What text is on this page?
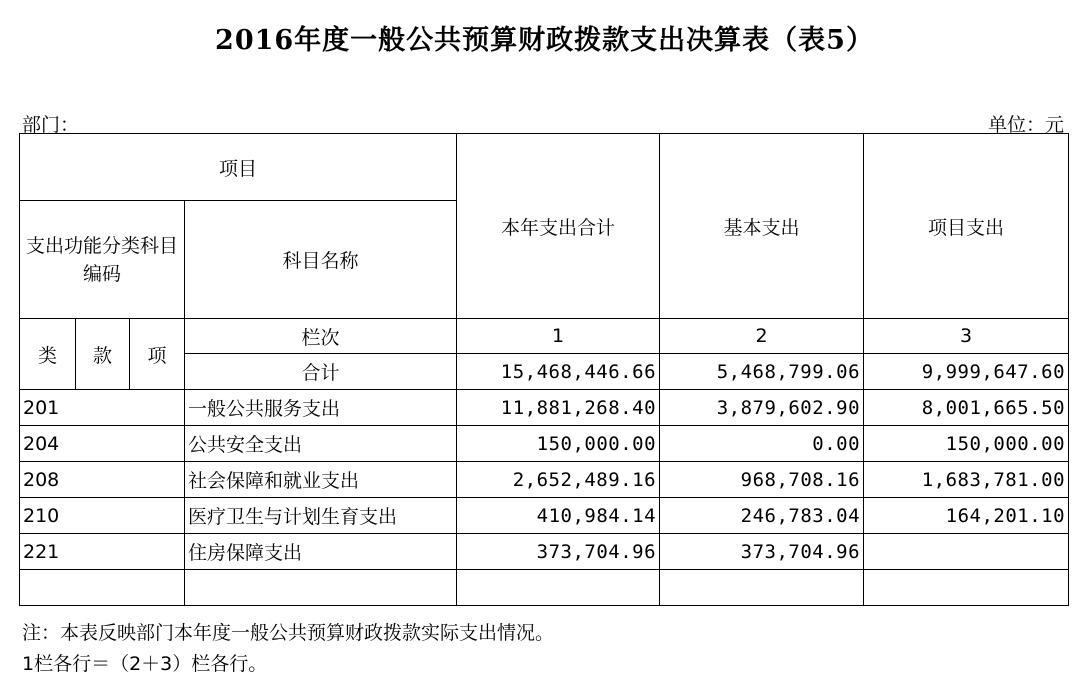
2016年度一般公共预算财政拨款支出决算表（表5）
部门：	单位：元
项目				本年支出合计	基本支出	项目支出
支出功能分类科目编码			科目名称			
类	款	项	栏次	1	2	3
			合计	15,468,446.66	5,468,799.06	9,999,647.60
201			一般公共服务支出	11,881,268.40	3,879,602.90	8,001,665.50
204			公共安全支出	150,000.00	0.00	150,000.00
208			社会保障和就业支出	2,652,489.16	968,708.16	1,683,781.00
210			医疗卫生与计划生育支出	410,984.14	246,783.04	164,201.10
221			住房保障支出	373,704.96	373,704.96	

注：本表反映部门本年度一般公共预算财政拨款实际支出情况。
1栏各行＝（2＋3）栏各行。
